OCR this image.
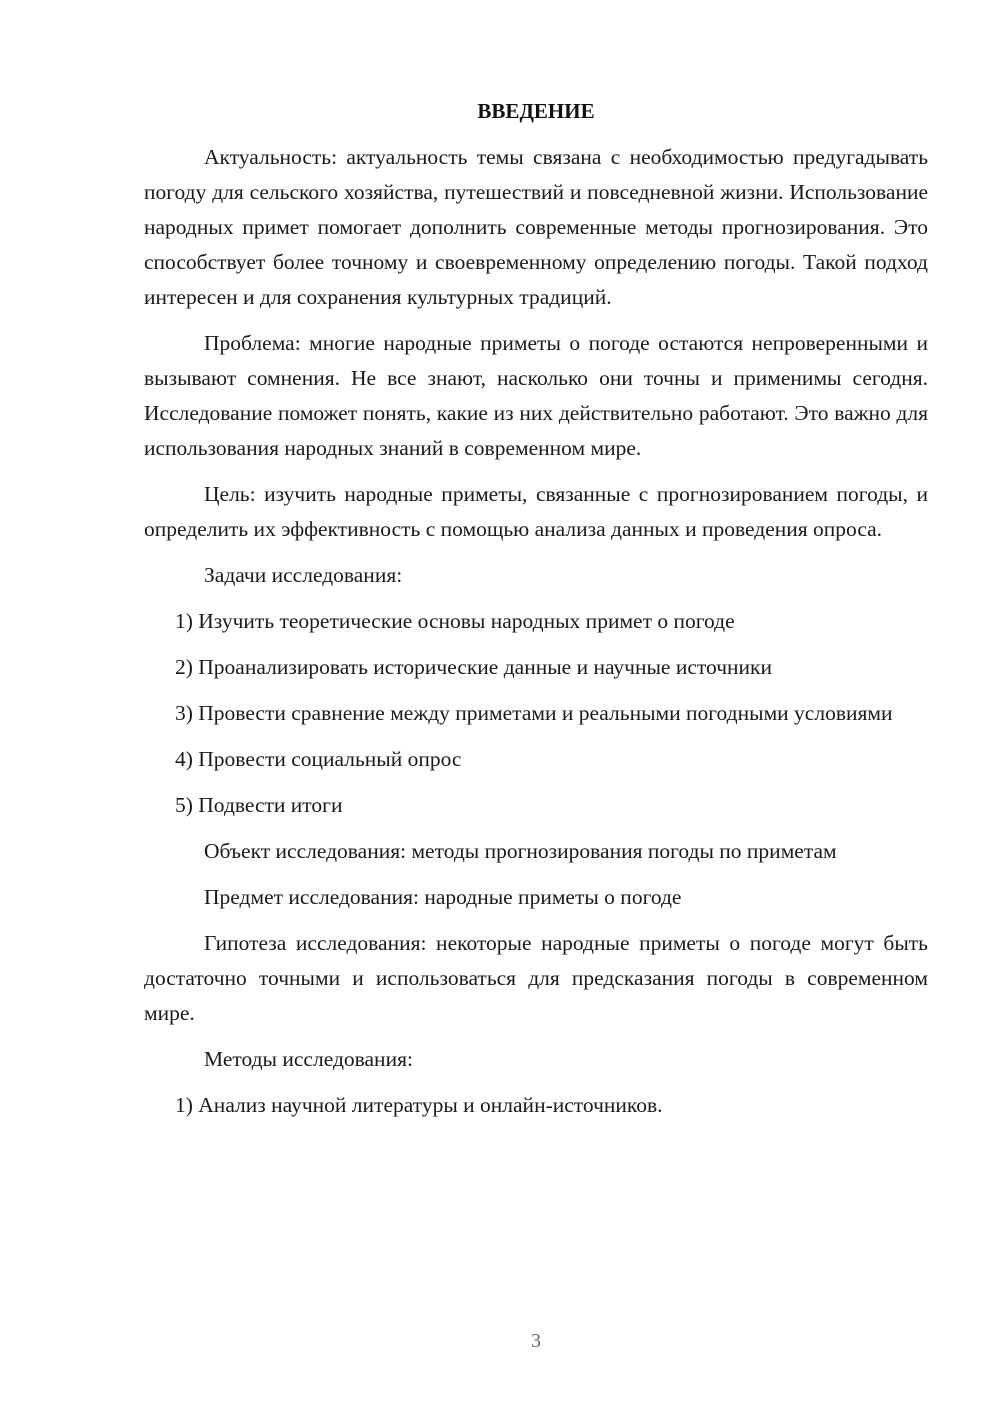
ВВЕДЕНИЕ

Актуальность: актуальность темы связана с необходимостью предугадывать погоду для сельского хозяйства, путешествий и повседневной жизни. Использование народных примет помогает дополнить современные методы прогнозирования. Это способствует более точному и своевременному определению погоды. Такой подход интересен и для сохранения культурных традиций.

Проблема: многие народные приметы о погоде остаются непроверенными и вызывают сомнения. Не все знают, насколько они точны и применимы сегодня. Исследование поможет понять, какие из них действительно работают. Это важно для использования народных знаний в современном мире.

Цель: изучить народные приметы, связанные с прогнозированием погоды, и определить их эффективность с помощью анализа данных и проведения опроса.

Задачи исследования:

1) Изучить теоретические основы народных примет о погоде

2) Проанализировать исторические данные и научные источники

3) Провести сравнение между приметами и реальными погодными условиями

4) Провести социальный опрос

5) Подвести итоги

Объект исследования: методы прогнозирования погоды по приметам

Предмет исследования: народные приметы о погоде

Гипотеза исследования: некоторые народные приметы о погоде могут быть достаточно точными и использоваться для предсказания погоды в современном мире.

Методы исследования:

1) Анализ научной литературы и онлайн-источников.

3
